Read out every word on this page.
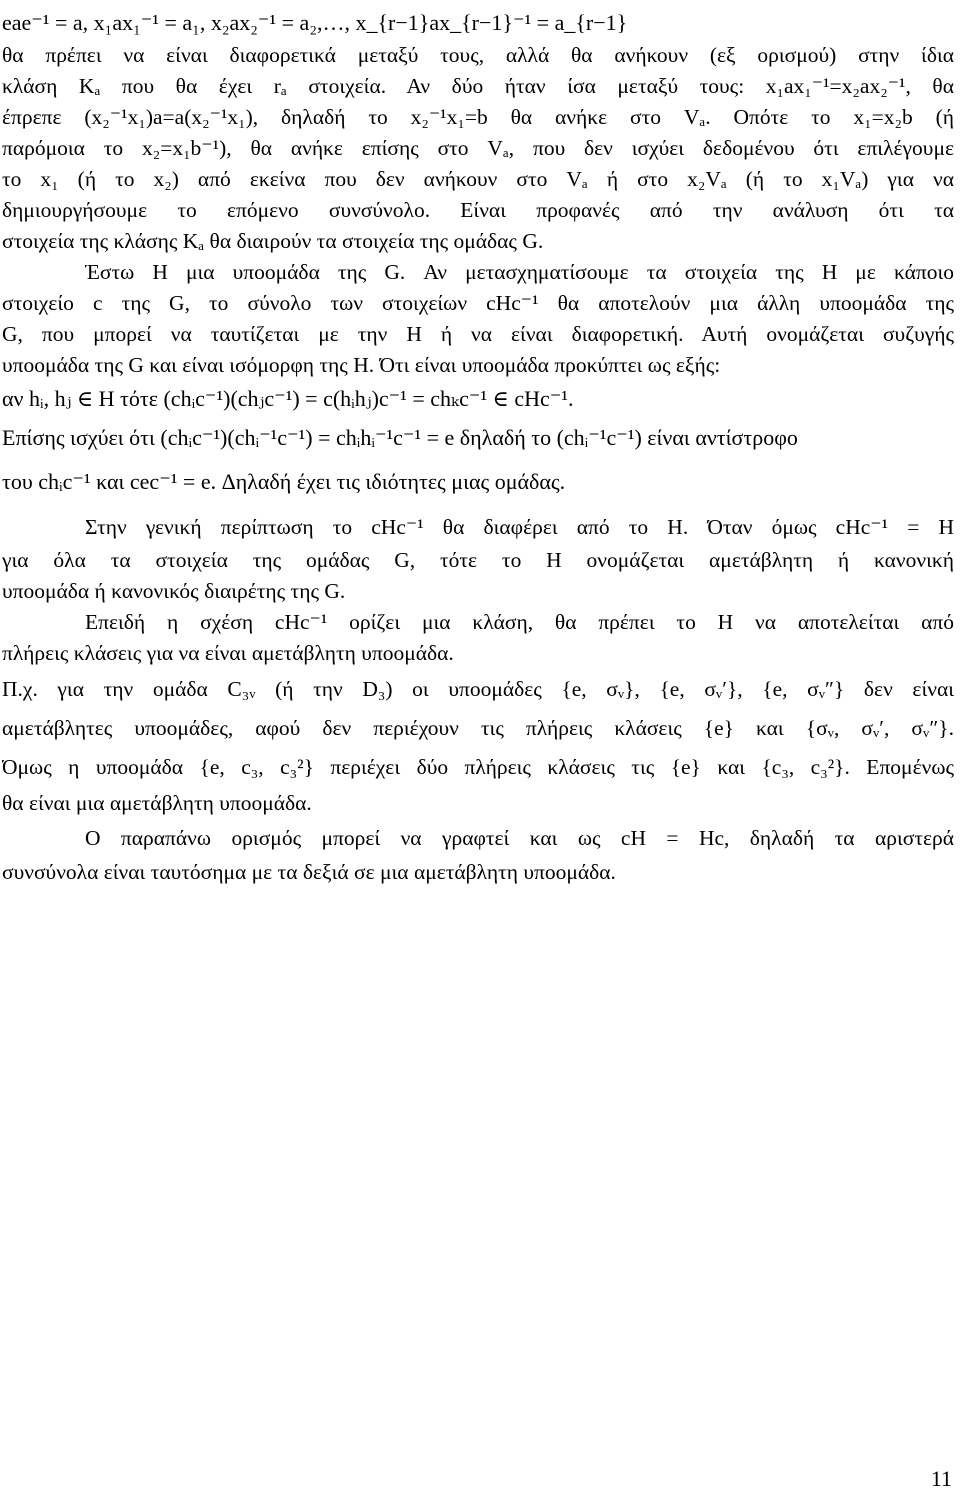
eae⁻¹ = a, x₁ax₁⁻¹ = a₁, x₂ax₂⁻¹ = a₂,…, x_{r−1}ax_{r−1}⁻¹ = a_{r−1}
θα πρέπει να είναι διαφορετικά μεταξύ τους, αλλά θα ανήκουν (εξ ορισμού) στην ίδια
κλάση Kₐ που θα έχει rₐ στοιχεία. Αν δύο ήταν ίσα μεταξύ τους: x₁ax₁⁻¹=x₂ax₂⁻¹, θα
έπρεπε (x₂⁻¹x₁)a=a(x₂⁻¹x₁), δηλαδή το x₂⁻¹x₁=b θα ανήκε στο Vₐ. Οπότε το x₁=x₂b (ή
παρόμοια το x₂=x₁b⁻¹), θα ανήκε επίσης στο Vₐ, που δεν ισχύει δεδομένου ότι επιλέγουμε
το x₁ (ή το x₂) από εκείνα που δεν ανήκουν στο Vₐ ή στο x₂Vₐ (ή το x₁Vₐ) για να
δημιουργήσουμε το επόμενο συνσύνολο. Είναι προφανές από την ανάλυση ότι τα
στοιχεία της κλάσης Kₐ θα διαιρούν τα στοιχεία της ομάδας G.
Έστω H μια υποομάδα της G. Αν μετασχηματίσουμε τα στοιχεία της H με κάποιο
στοιχείο c της G, το σύνολο των στοιχείων cHc⁻¹ θα αποτελούν μια άλλη υποομάδα της
G, που μπορεί να ταυτίζεται με την H ή να είναι διαφορετική. Αυτή ονομάζεται συζυγής
υποομάδα της G και είναι ισόμορφη της H. Ότι είναι υποομάδα προκύπτει ως εξής:
αν hᵢ, hⱼ ∈ H τότε (chᵢc⁻¹)(chⱼc⁻¹) = c(hᵢhⱼ)c⁻¹ = chₖc⁻¹ ∈ cHc⁻¹.
Επίσης ισχύει ότι (chᵢc⁻¹)(chᵢ⁻¹c⁻¹) = chᵢhᵢ⁻¹c⁻¹ = e δηλαδή το (chᵢ⁻¹c⁻¹) είναι αντίστροφο
του chᵢc⁻¹ και cec⁻¹ = e. Δηλαδή έχει τις ιδιότητες μιας ομάδας.
Στην γενική περίπτωση το cHc⁻¹ θα διαφέρει από το H. Όταν όμως cHc⁻¹ = H
για όλα τα στοιχεία της ομάδας G, τότε το H ονομάζεται αμετάβλητη ή κανονική
υποομάδα ή κανονικός διαιρέτης της G.
Επειδή η σχέση cHc⁻¹ ορίζει μια κλάση, θα πρέπει το H να αποτελείται από
πλήρεις κλάσεις για να είναι αμετάβλητη υποομάδα.
Π.χ. για την ομάδα C₃ᵥ (ή την D₃) οι υποομάδες {e, σᵥ}, {e, σᵥ′}, {e, σᵥ″} δεν είναι
αμετάβλητες υποομάδες, αφού δεν περιέχουν τις πλήρεις κλάσεις {e} και {σᵥ, σᵥ′, σᵥ″}.
Όμως η υποομάδα {e, c₃, c₃²} περιέχει δύο πλήρεις κλάσεις τις {e} και {c₃, c₃²}. Επομένως
θα είναι μια αμετάβλητη υποομάδα.
Ο παραπάνω ορισμός μπορεί να γραφτεί και ως cH = Hc, δηλαδή τα αριστερά
συνσύνολα είναι ταυτόσημα με τα δεξιά σε μια αμετάβλητη υποομάδα.
11
